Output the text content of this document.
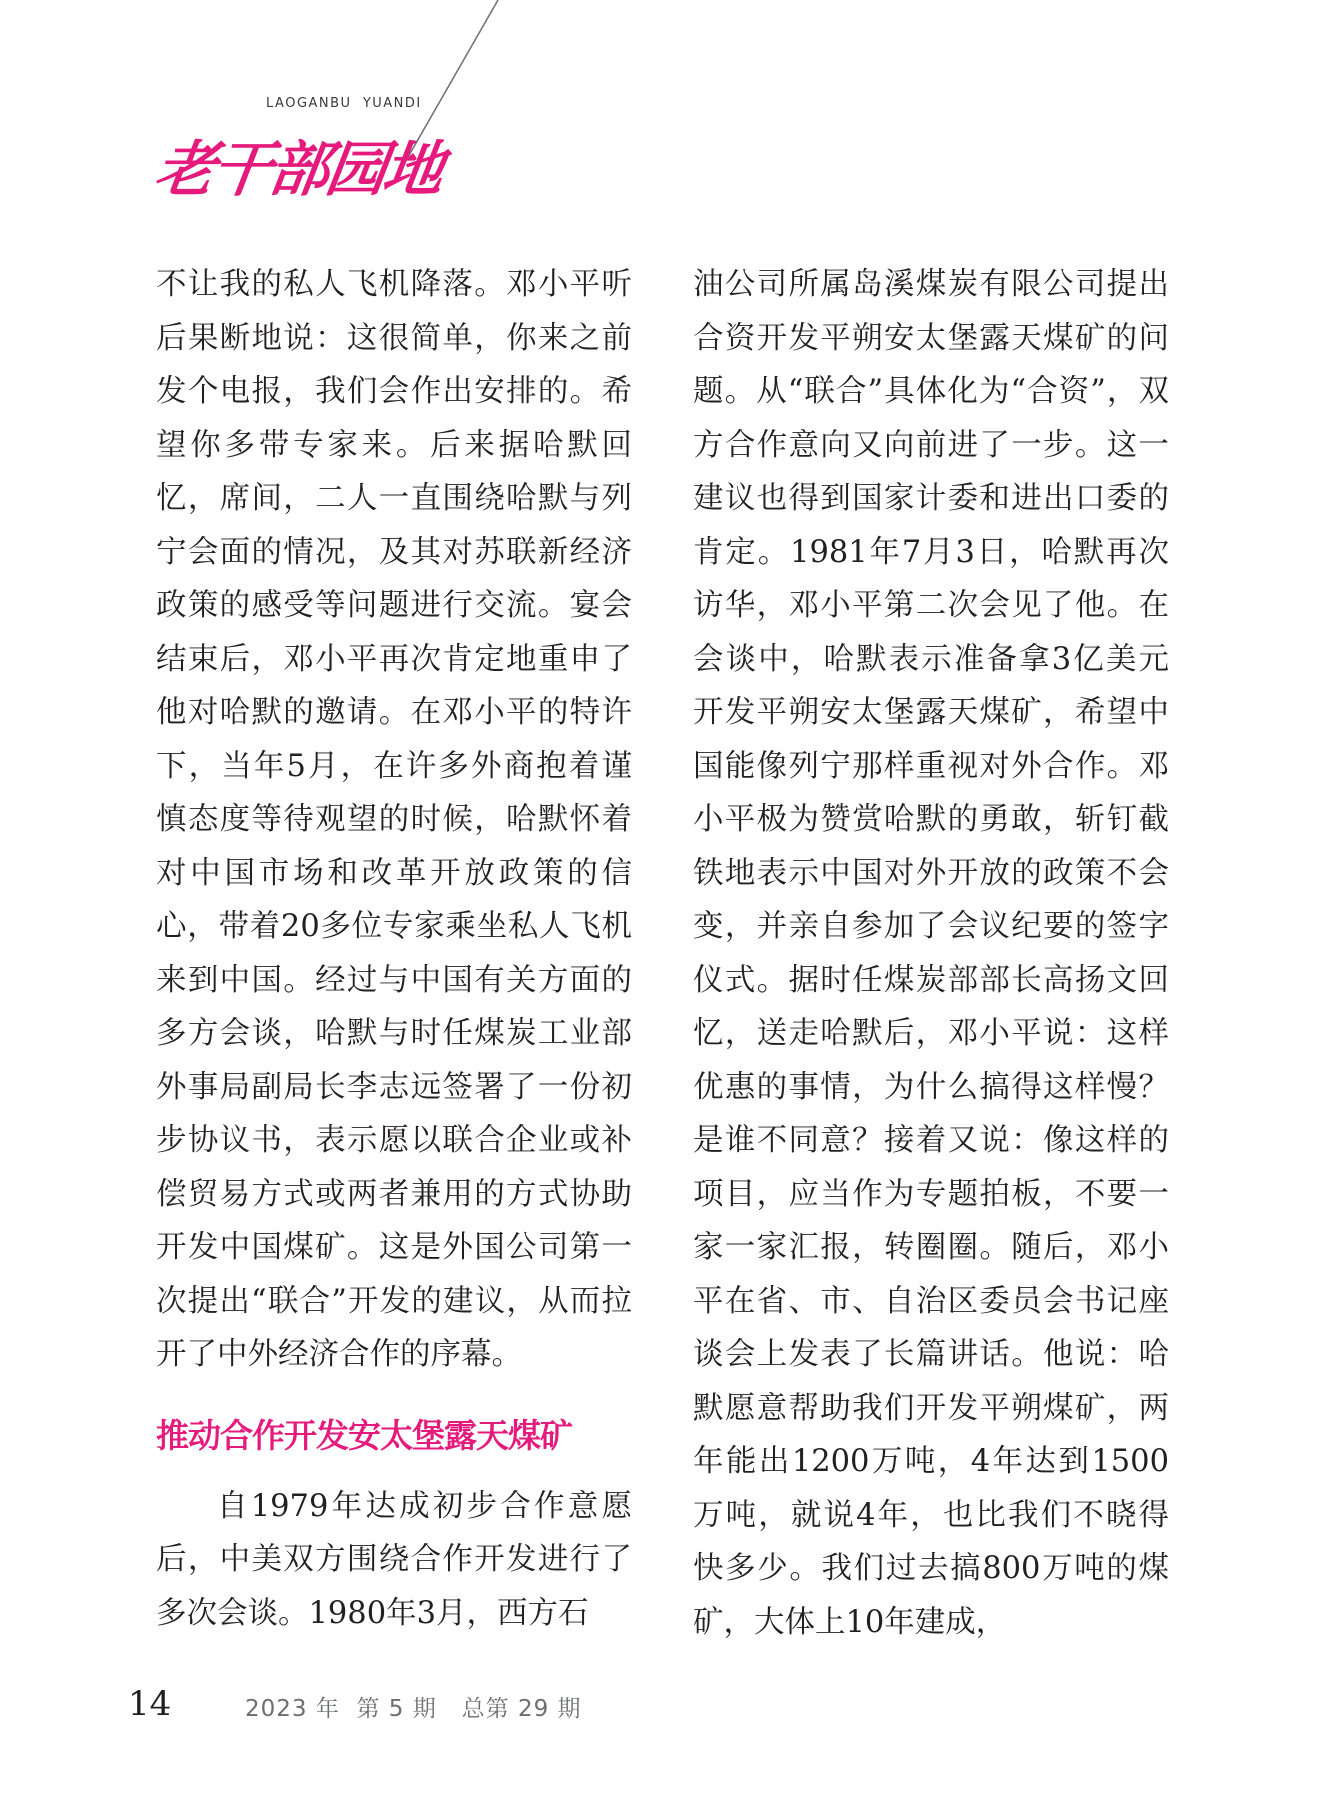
LAOGANBU  YUANDI
老干部园地

不让我的私人飞机降落。邓小平听后果断地说：这很简单，你来之前发个电报，我们会作出安排的。希望你多带专家来。后来据哈默回忆，席间，二人一直围绕哈默与列宁会面的情况，及其对苏联新经济政策的感受等问题进行交流。宴会结束后，邓小平再次肯定地重申了他对哈默的邀请。在邓小平的特许下，当年5月，在许多外商抱着谨慎态度等待观望的时候，哈默怀着对中国市场和改革开放政策的信心，带着20多位专家乘坐私人飞机来到中国。经过与中国有关方面的多方会谈，哈默与时任煤炭工业部外事局副局长李志远签署了一份初步协议书，表示愿以联合企业或补偿贸易方式或两者兼用的方式协助开发中国煤矿。这是外国公司第一次提出“联合”开发的建议，从而拉开了中外经济合作的序幕。

推动合作开发安太堡露天煤矿

自1979年达成初步合作意愿后，中美双方围绕合作开发进行了多次会谈。1980年3月，西方石

油公司所属岛溪煤炭有限公司提出合资开发平朔安太堡露天煤矿的问题。从“联合”具体化为“合资”，双方合作意向又向前进了一步。这一建议也得到国家计委和进出口委的肯定。1981年7月3日，哈默再次访华，邓小平第二次会见了他。在会谈中，哈默表示准备拿3亿美元开发平朔安太堡露天煤矿，希望中国能像列宁那样重视对外合作。邓小平极为赞赏哈默的勇敢，斩钉截铁地表示中国对外开放的政策不会变，并亲自参加了会议纪要的签字仪式。据时任煤炭部部长高扬文回忆，送走哈默后，邓小平说：这样优惠的事情，为什么搞得这样慢？是谁不同意？接着又说：像这样的项目，应当作为专题拍板，不要一家一家汇报，转圈圈。随后，邓小平在省、市、自治区委员会书记座谈会上发表了长篇讲话。他说：哈默愿意帮助我们开发平朔煤矿，两年能出1200万吨，4年达到1500万吨，就说4年，也比我们不晓得快多少。我们过去搞800万吨的煤矿，大体上10年建成，

14	2023 年  第 5 期   总第 29 期
